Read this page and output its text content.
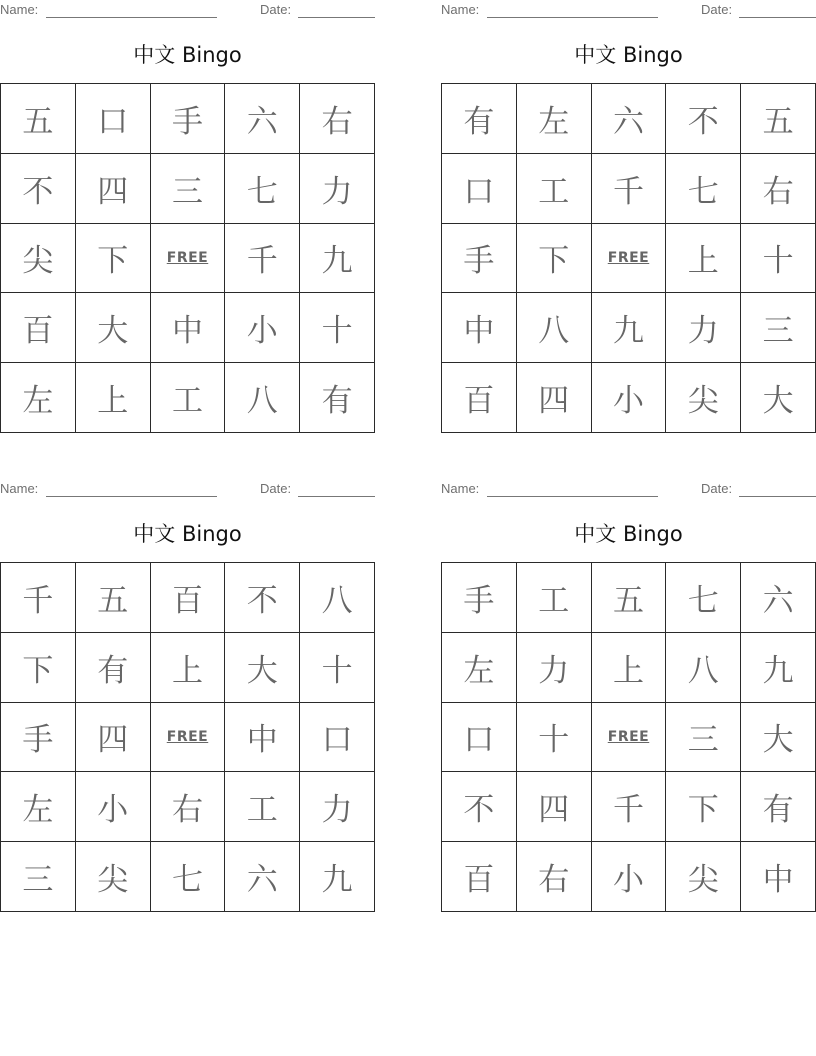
Name:	Date:
中文 Bingo
五	口	手	六	右
不	四	三	七	力
尖	下	FREE	千	九
百	大	中	小	十
左	上	工	八	有
Name:	Date:
中文 Bingo
有	左	六	不	五
口	工	千	七	右
手	下	FREE	上	十
中	八	九	力	三
百	四	小	尖	大
Name:	Date:
中文 Bingo
千	五	百	不	八
下	有	上	大	十
手	四	FREE	中	口
左	小	右	工	力
三	尖	七	六	九
Name:	Date:
中文 Bingo
手	工	五	七	六
左	力	上	八	九
口	十	FREE	三	大
不	四	千	下	有
百	右	小	尖	中
